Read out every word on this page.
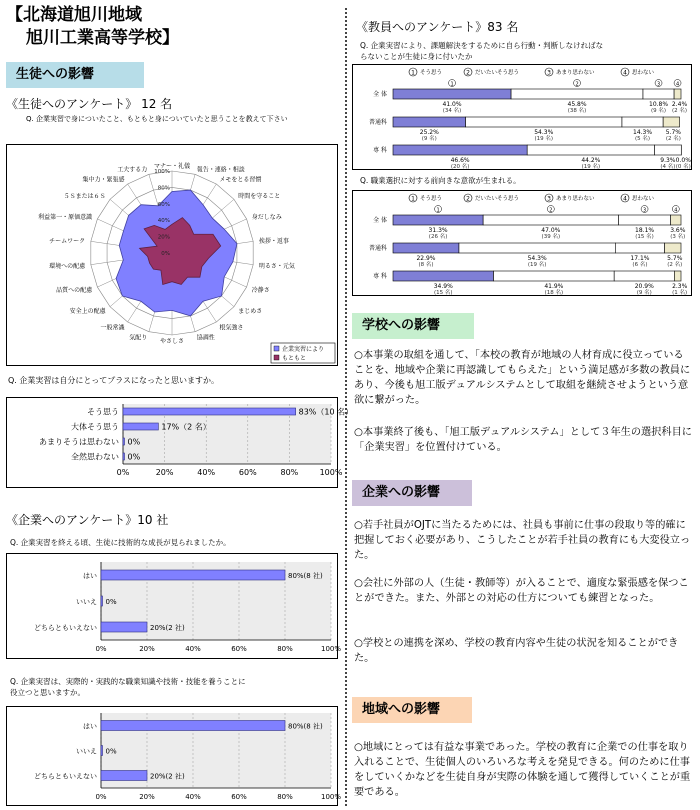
【北海道旭川地域
旭川工業高等学校】
生徒への影響
《生徒へのアンケート》 12 名
Q. 企業実習で身についたこと、もともと身についていたと思うことを教えて下さい
100%
80%
60%
40%
20%
0%
マナー・礼儀
報告・連絡・相談
メモをとる習慣
時間を守ること
身だしなみ
挨拶・返事
明るさ・元気
冷静さ
まじめさ
根気強さ
協調性
やさしさ
気配り
一般常識
安全上の配慮
品質への配慮
環境への配慮
チームワーク
利益第一・原価意識
５Ｓまたは６Ｓ
集中力・緊張感
工夫する力
企業実習により
もともと
Q. 企業実習は自分にとってプラスになったと思いますか。
0%	20%	40%	60%	80%	100%
そう思う	83%（10 名）
大体そう思う	17%（2 名）
あまりそうは思わない 0%
全然思わない 0%
《企業へのアンケート》10 社
Q. 企業実習を終える頃、生徒に技術的な成長が見られましたか。
0%	20%	40%	60%	80%	100%
はい	80%(8 社)
いいえ 0%
どちらともいえない	20%(2 社)
Q. 企業実習は、実際的・実践的な職業知識や技術・技能を養うことに
役立つと思いますか。
0%	20%	40%	60%	80%	100%
はい	80%(8 社)
いいえ 0%
どちらともいえない	20%(2 社)
《教員へのアンケート》83 名
Q. 企業実習により、課題解決をするために自ら行動・判断しなければな
らないことが生徒に身に付いたか
1 そう思う	2 だいたいそう思う	3 あまり思わない	4 思わない
全 体
41.0%
(34 名)
45.8%
(38 名)
10.8%
(9 名)
2.4%
(2 名)
普通科
25.2%
(9 名)
54.3%
(19 名)
14.3%
(5 名)
5.7%
(2 名)
専 科
46.6%
(20 名)
44.2%
(19 名)
9.3%
(4 名)
0.0%
(0 名)
1	2	3	4
Q. 職業選択に対する前向きな意欲が生まれる。
1 そう思う	2 だいたいそう思う	3 あまり思わない	4 思わない
全 体
31.3%
(26 名)
47.0%
(39 名)
18.1%
(15 名)
3.6%
(3 名)
普通科
22.9%
(8 名)
54.3%
(19 名)
17.1%
(6 名)
5.7%
(2 名)
専 科
34.9%
(15 名)
41.9%
(18 名)
20.9%
(9 名)
2.3%
(1 名)
1	2	3	4
学校への影響
○本事業の取組を通して、「本校の教育が地域の人材育成に役立っていることを、地域や企業に再認識してもらえた」という満足感が多数の教員にあり、今後も旭工版デュアルシステムとして取組を継続させようという意欲に繋がった。
○本事業終了後も、「旭工版デュアルシステム」として３年生の選択科目に「企業実習」を位置付けている。
企業への影響
○若手社員がOJTに当たるためには、社員も事前に仕事の段取り等的確に把握しておく必要があり、こうしたことが若手社員の教育にも大変役立った。
○会社に外部の人（生徒・教師等）が入ることで、適度な緊張感を保つことができた。また、外部との対応の仕方についても練習となった。
○学校との連携を深め、学校の教育内容や生徒の状況を知ることができた。
地域への影響
○地域にとっては有益な事業であった。学校の教育に企業での仕事を取り入れることで、生徒個人のいろいろな考えを発見できる。何のために仕事をしていくかなどを生徒自身が実際の体験を通して獲得していくことが重要である。
